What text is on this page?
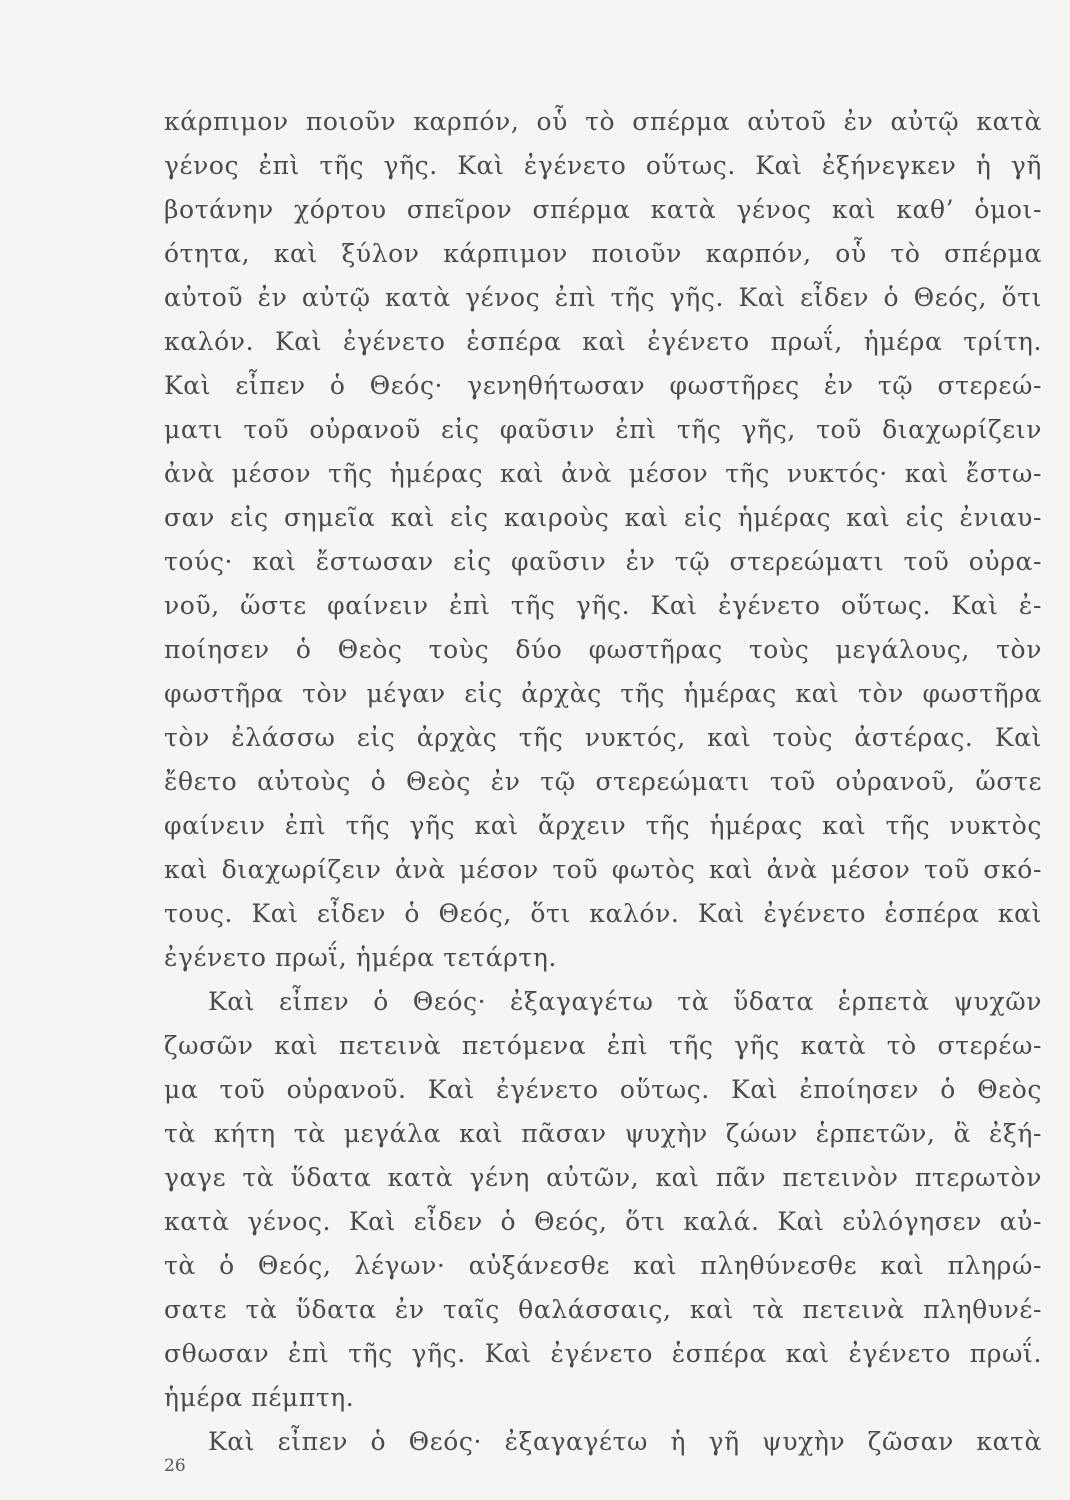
κάρπιμον ποιοῦν καρπόν, οὗ τὸ σπέρμα αὐτοῦ ἐν αὐτῷ κατὰ
γένος ἐπὶ τῆς γῆς. Καὶ ἐγένετο οὕτως. Καὶ ἐξήνεγκεν ἡ γῆ
βοτάνην χόρτου σπεῖρον σπέρμα κατὰ γένος καὶ καθ’ ὁμοι-
ότητα, καὶ ξύλον κάρπιμον ποιοῦν καρπόν, οὗ τὸ σπέρμα
αὐτοῦ ἐν αὐτῷ κατὰ γένος ἐπὶ τῆς γῆς. Καὶ εἶδεν ὁ Θεός, ὅτι
καλόν. Καὶ ἐγένετο ἑσπέρα καὶ ἐγένετο πρωΐ, ἡμέρα τρίτη.
Καὶ εἶπεν ὁ Θεός· γενηθήτωσαν φωστῆρες ἐν τῷ στερεώ-
ματι τοῦ οὐρανοῦ εἰς φαῦσιν ἐπὶ τῆς γῆς, τοῦ διαχωρίζειν
ἀνὰ μέσον τῆς ἡμέρας καὶ ἀνὰ μέσον τῆς νυκτός· καὶ ἔστω-
σαν εἰς σημεῖα καὶ εἰς καιροὺς καὶ εἰς ἡμέρας καὶ εἰς ἐνιαυ-
τούς· καὶ ἔστωσαν εἰς φαῦσιν ἐν τῷ στερεώματι τοῦ οὐρα-
νοῦ, ὥστε φαίνειν ἐπὶ τῆς γῆς. Καὶ ἐγένετο οὕτως. Καὶ ἐ-
ποίησεν ὁ Θεὸς τοὺς δύο φωστῆρας τοὺς μεγάλους, τὸν
φωστῆρα τὸν μέγαν εἰς ἀρχὰς τῆς ἡμέρας καὶ τὸν φωστῆρα
τὸν ἐλάσσω εἰς ἀρχὰς τῆς νυκτός, καὶ τοὺς ἀστέρας. Καὶ
ἔθετο αὐτοὺς ὁ Θεὸς ἐν τῷ στερεώματι τοῦ οὐρανοῦ, ὥστε
φαίνειν ἐπὶ τῆς γῆς καὶ ἄρχειν τῆς ἡμέρας καὶ τῆς νυκτὸς
καὶ διαχωρίζειν ἀνὰ μέσον τοῦ φωτὸς καὶ ἀνὰ μέσον τοῦ σκό-
τους. Καὶ εἶδεν ὁ Θεός, ὅτι καλόν. Καὶ ἐγένετο ἑσπέρα καὶ
ἐγένετο πρωΐ, ἡμέρα τετάρτη.
Καὶ εἶπεν ὁ Θεός· ἐξαγαγέτω τὰ ὕδατα ἑρπετὰ ψυχῶν
ζωσῶν καὶ πετεινὰ πετόμενα ἐπὶ τῆς γῆς κατὰ τὸ στερέω-
μα τοῦ οὐρανοῦ. Καὶ ἐγένετο οὕτως. Καὶ ἐποίησεν ὁ Θεὸς
τὰ κήτη τὰ μεγάλα καὶ πᾶσαν ψυχὴν ζώων ἑρπετῶν, ἃ ἐξή-
γαγε τὰ ὕδατα κατὰ γένη αὐτῶν, καὶ πᾶν πετεινὸν πτερωτὸν
κατὰ γένος. Καὶ εἶδεν ὁ Θεός, ὅτι καλά. Καὶ εὐλόγησεν αὐ-
τὰ ὁ Θεός, λέγων· αὐξάνεσθε καὶ πληθύνεσθε καὶ πληρώ-
σατε τὰ ὕδατα ἐν ταῖς θαλάσσαις, καὶ τὰ πετεινὰ πληθυνέ-
σθωσαν ἐπὶ τῆς γῆς. Καὶ ἐγένετο ἑσπέρα καὶ ἐγένετο πρωΐ.
ἡμέρα πέμπτη.
Καὶ εἶπεν ὁ Θεός· ἐξαγαγέτω ἡ γῆ ψυχὴν ζῶσαν κατὰ
26
